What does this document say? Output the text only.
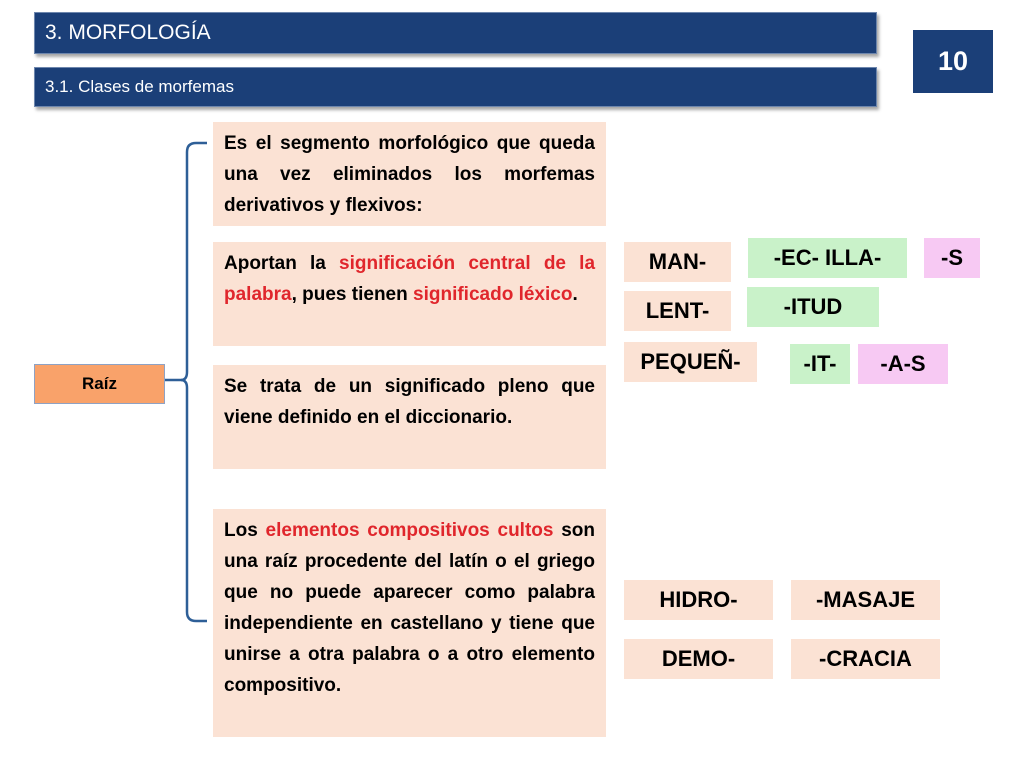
3. MORFOLOGÍA
3.1. Clases de morfemas
10
Raíz
Es el segmento morfológico que queda una vez eliminados los morfemas derivativos y flexivos:
Aportan la significación central de la palabra, pues tienen significado léxico.
Se trata de un significado pleno que viene definido en el diccionario.
Los elementos compositivos cultos son una raíz procedente del latín o el griego que no puede aparecer como palabra independiente en castellano y tiene que unirse a otra palabra o a otro elemento compositivo.
MAN-	-EC- ILLA-	-S
LENT-	-ITUD
PEQUEÑ-	-IT- -A-S
HIDRO-	-MASAJE
DEMO-	-CRACIA
